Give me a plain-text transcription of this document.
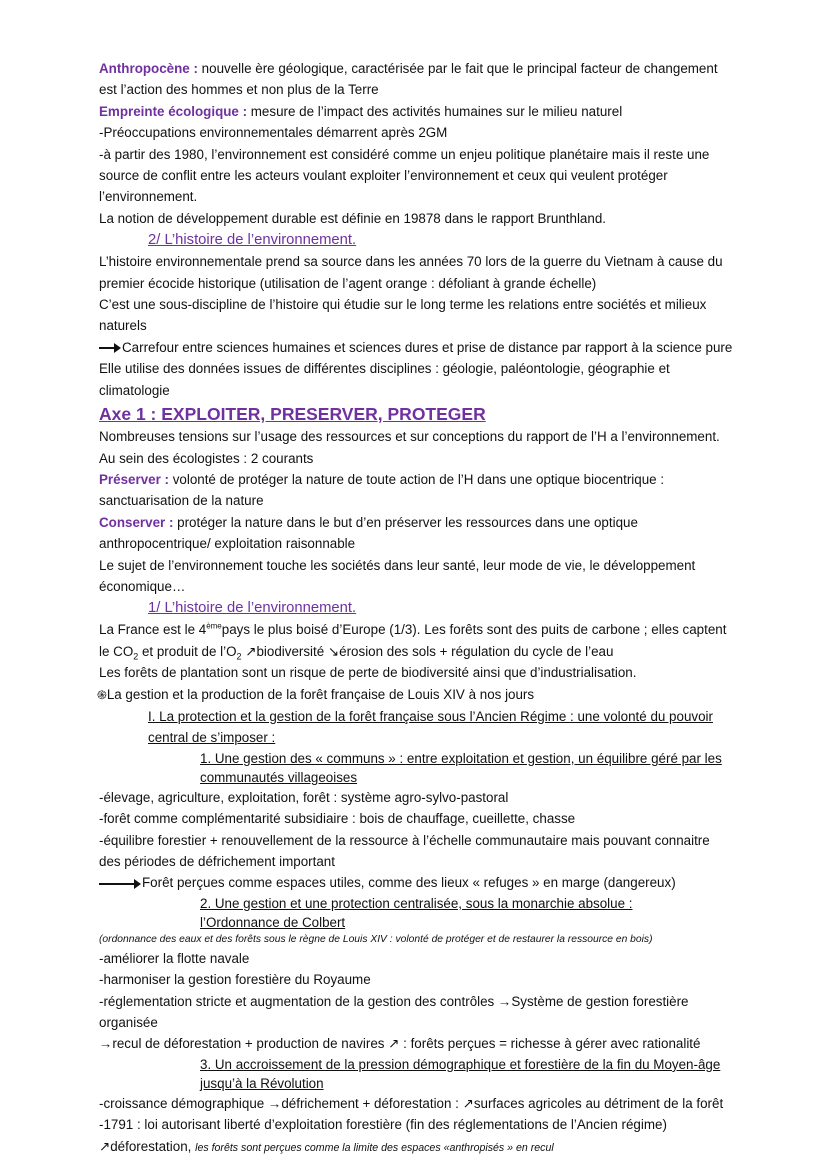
Anthropocène : nouvelle ère géologique, caractérisée par le fait que le principal facteur de changement
est l’action des hommes et non plus de la Terre
Empreinte écologique : mesure de l’impact des activités humaines sur le milieu naturel
-Préoccupations environnementales démarrent après 2GM
-à partir des 1980, l’environnement est considéré comme un enjeu politique planétaire mais il reste une
source de conflit entre les acteurs voulant exploiter l’environnement et ceux qui veulent protéger
l’environnement.
La notion de développement durable est définie en 19878 dans le rapport Brunthland.
2/ L’histoire de l’environnement.
L’histoire environnementale prend sa source dans les années 70 lors de la guerre du Vietnam à cause du
premier écocide historique (utilisation de l’agent orange : défoliant à grande échelle)
C’est une sous-discipline de l’histoire qui étudie sur le long terme les relations entre sociétés et milieux
naturels
Carrefour entre sciences humaines et sciences dures et prise de distance par rapport à la science pure
Elle utilise des données issues de différentes disciplines : géologie, paléontologie, géographie et
climatologie
Axe 1 : EXPLOITER, PRESERVER, PROTEGER
Nombreuses tensions sur l’usage des ressources et sur conceptions du rapport de l’H a l’environnement.
Au sein des écologistes : 2 courants
Préserver : volonté de protéger la nature de toute action de l’H dans une optique biocentrique :
sanctuarisation de la nature
Conserver : protéger la nature dans le but d’en préserver les ressources dans une optique
anthropocentrique/ exploitation raisonnable
Le sujet de l’environnement touche les sociétés dans leur santé, leur mode de vie, le développement
économique…
1/ L’histoire de l’environnement.
La France est le 4èmepays le plus boisé d’Europe (1/3). Les forêts sont des puits de carbone ; elles captent
le $CO_2$ et produit de $l’O_2$ ↗biodiversité ↘érosion des sols + régulation du cycle de l’eau
Les forêts de plantation sont un risque de perte de biodiversité ainsi que d’industrialisation.
֍La gestion et la production de la forêt française de Louis XIV à nos jours
I. La protection et la gestion de la forêt française sous l’Ancien Régime : une volonté du pouvoir
central de s’imposer :
1. Une gestion des « communs » : entre exploitation et gestion, un équilibre géré par les
communautés villageoises
-élevage, agriculture, exploitation, forêt : système agro-sylvo-pastoral
-forêt comme complémentarité subsidiaire : bois de chauffage, cueillette, chasse
-équilibre forestier + renouvellement de la ressource à l’échelle communautaire mais pouvant connaitre
des périodes de défrichement important
Forêt perçues comme espaces utiles, comme des lieux « refuges » en marge (dangereux)
2. Une gestion et une protection centralisée, sous la monarchie absolue :
l’Ordonnance de Colbert
(ordonnance des eaux et des forêts sous le règne de Louis XIV : volonté de protéger et de restaurer la ressource en bois)
-améliorer la flotte navale
-harmoniser la gestion forestière du Royaume
-réglementation stricte et augmentation de la gestion des contrôles →Système de gestion forestière
organisée
→recul de déforestation + production de navires ↗ : forêts perçues = richesse à gérer avec rationalité
3. Un accroissement de la pression démographique et forestière de la fin du Moyen-âge
jusqu’à la Révolution
-croissance démographique →défrichement + déforestation : ↗surfaces agricoles au détriment de la forêt
-1791 : loi autorisant liberté d’exploitation forestière (fin des réglementations de l’Ancien régime)
↗déforestation, les forêts sont perçues comme la limite des espaces «anthropisés » en recul
